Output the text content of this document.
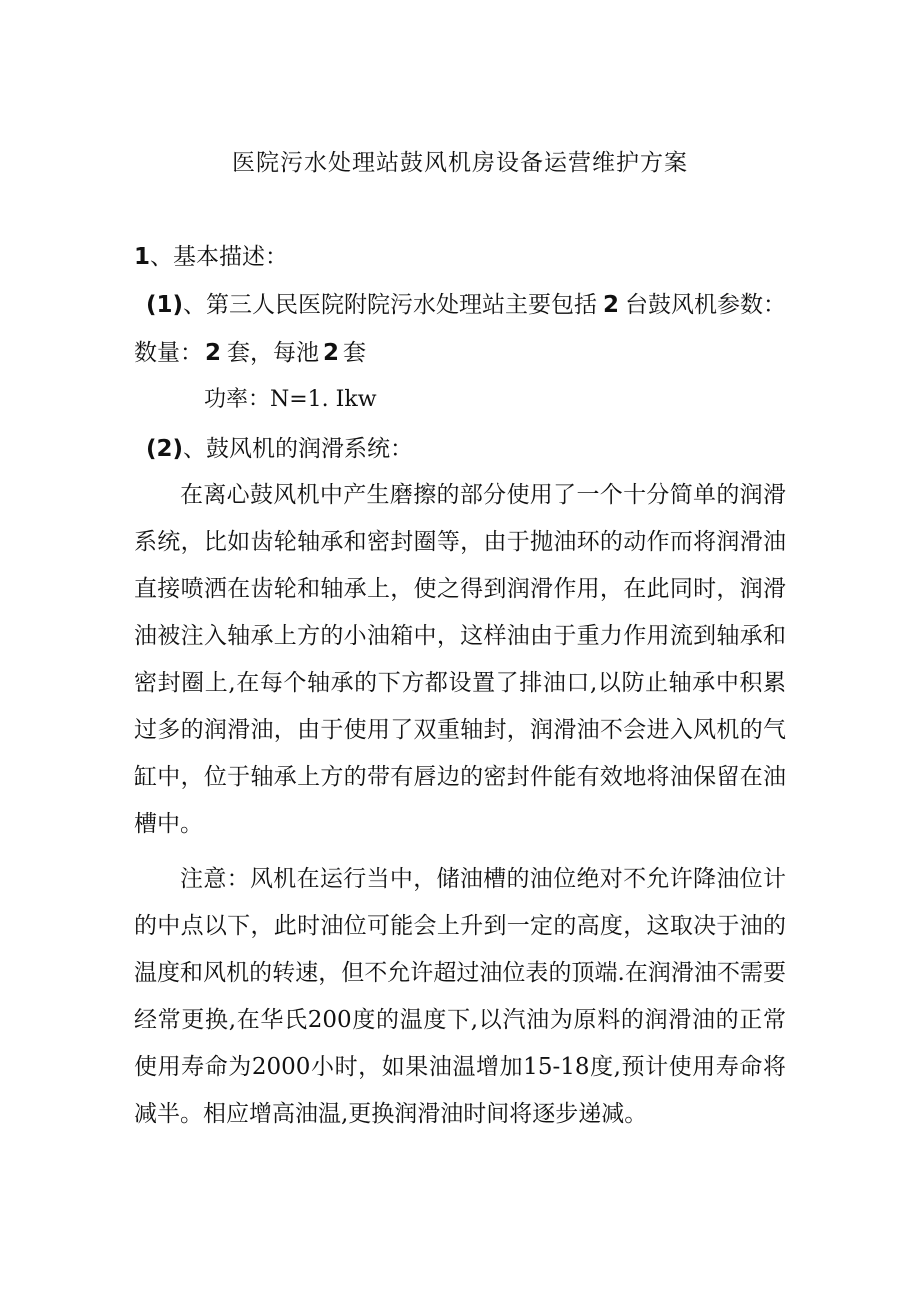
医院污水处理站鼓风机房设备运营维护方案
1、基本描述：
(1)、第三人民医院附院污水处理站主要包括 2 台鼓风机参数：
数量：2 套，每池 2 套
功率：N=1. Ikw
(2)、鼓风机的润滑系统：

在离心鼓风机中产生磨擦的部分使用了一个十分简单的润滑系统，比如齿轮轴承和密封圈等，由于抛油环的动作而将润滑油直接喷洒在齿轮和轴承上，使之得到润滑作用，在此同时，润滑油被注入轴承上方的小油箱中，这样油由于重力作用流到轴承和密封圈上,在每个轴承的下方都设置了排油口,以防止轴承中积累过多的润滑油，由于使用了双重轴封，润滑油不会进入风机的气缸中，位于轴承上方的带有唇边的密封件能有效地将油保留在油槽中。

注意：风机在运行当中，储油槽的油位绝对不允许降油位计的中点以下，此时油位可能会上升到一定的高度，这取决于油的温度和风机的转速，但不允许超过油位表的顶端.在润滑油不需要经常更换,在华氏200度的温度下,以汽油为原料的润滑油的正常使用寿命为2000小时，如果油温增加15-18度,预计使用寿命将减半。相应增高油温,更换润滑油时间将逐步递减。
